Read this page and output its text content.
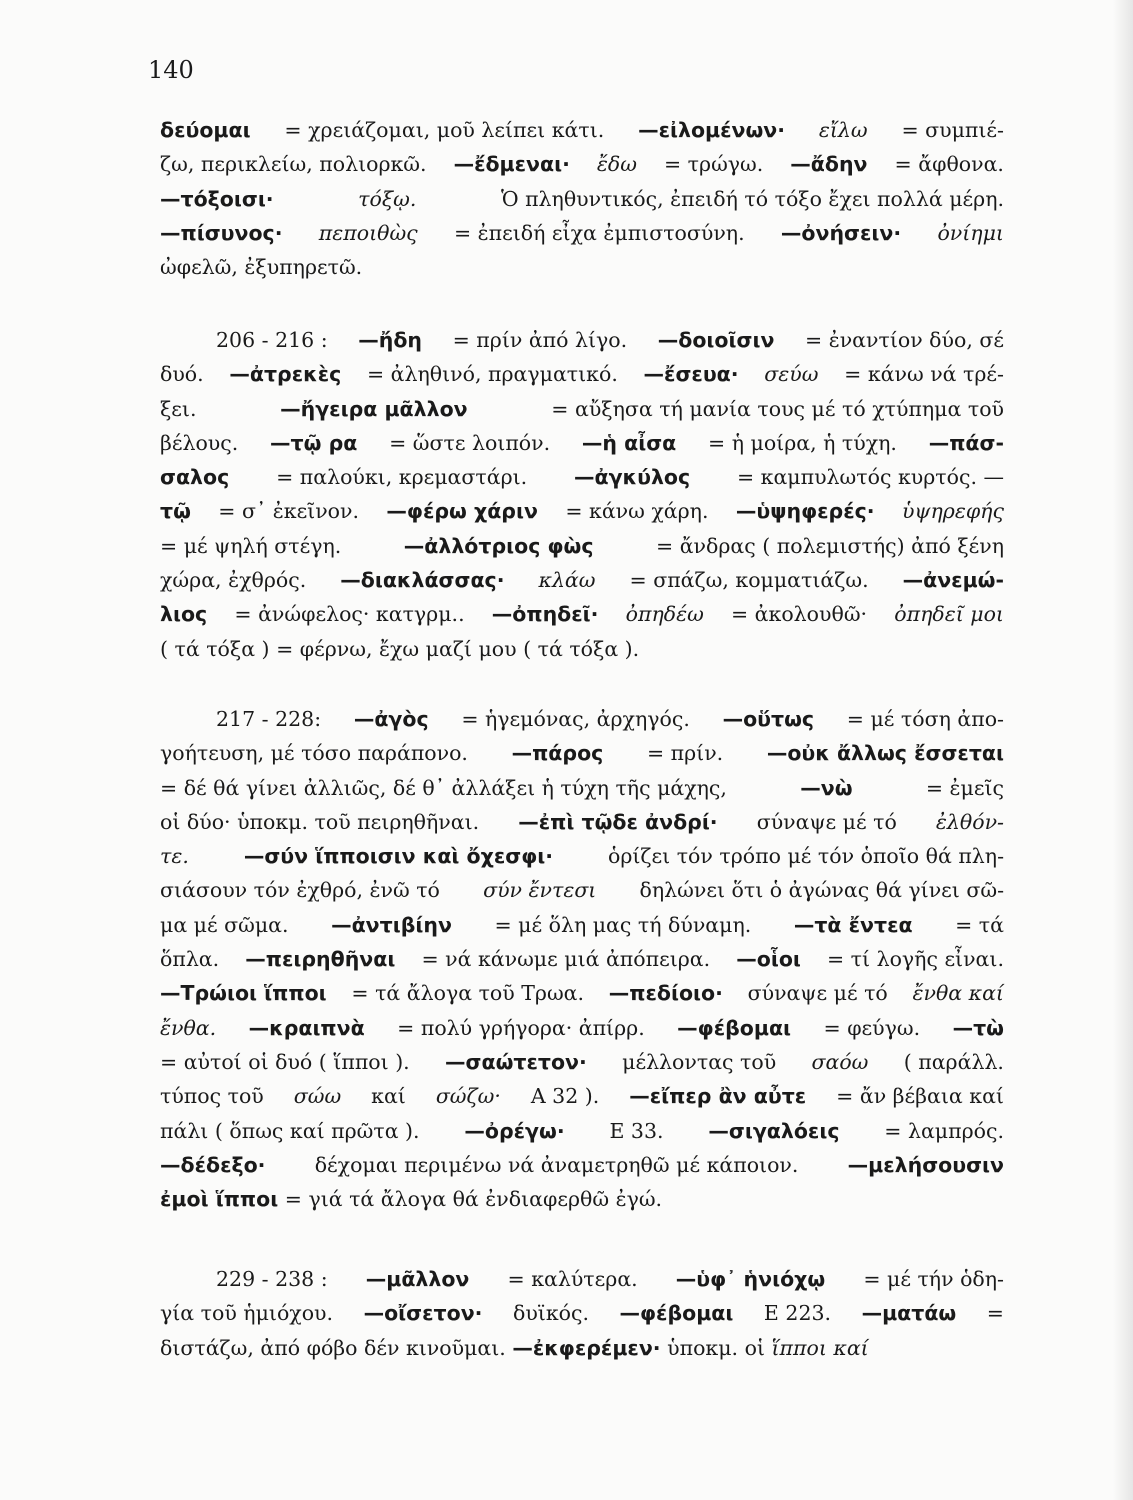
140
δεύομαι = χρειάζομαι, μοῦ λείπει κάτι. —εἰλομένων· εἴλω = συμπιέ-
ζω, περικλείω, πολιορκῶ. —ἔδμεναι· ἔδω = τρώγω. —ἄδην = ἄφθονα.
—τόξοισι·	τόξῳ.	Ὁ πληθυντικός, ἐπειδή τό τόξο ἔχει πολλά μέρη.
—πίσυνος· πεποιθὼς = ἐπειδή εἶχα ἐμπιστοσύνη. —ὀνήσειν· ὀνίημι
ὠφελῶ, ἐξυπηρετῶ.
206 - 216 : —ἤδη = πρίν ἀπό λίγο. —δοιοῖσιν = ἐναντίον δύο, σέ
δυό. —ἀτρεκὲς = ἀληθινό, πραγματικό. —ἔσευα· σεύω = κάνω νά τρέ-
ξει.	—ἤγειρα μᾶλλον	= αὔξησα τή μανία τους μέ τό χτύπημα τοῦ
βέλους. —τῷ ρα = ὥστε λοιπόν. —ἡ αἶσα = ἡ μοίρα, ἡ τύχη. —πάσ-
σαλος = παλούκι, κρεμαστάρι. —ἀγκύλος = καμπυλωτός κυρτός. —
τῷ = σ᾽ ἐκεῖνον. —φέρω χάριν = κάνω χάρη. —ὑψηφερές· ὑψηρεφής
= μέ ψηλή στέγη.	—ἀλλότριος φὼς	= ἄνδρας ( πολεμιστής) ἀπό ξένη
χώρα, ἐχθρός. —διακλάσσας· κλάω = σπάζω, κομματιάζω. —ἀνεμώ-
λιος = ἀνώφελος· κατγρμ.. —ὀπηδεῖ· ὀπηδέω = ἀκολουθῶ· ὀπηδεῖ μοι
( τά τόξα ) = φέρνω, ἔχω μαζί μου ( τά τόξα ).
217 - 228: —ἀγὸς = ἡγεμόνας, ἀρχηγός. —οὕτως = μέ τόση ἀπο-
γοήτευση, μέ τόσο παράπονο. —πάρος = πρίν. —οὐκ ἄλλως ἔσσεται
= δέ θά γίνει ἀλλιῶς, δέ θ᾽ ἀλλάξει ἡ τύχη τῆς μάχης,	—νὼ	= ἐμεῖς
οἱ δύο· ὑποκμ. τοῦ πειρηθῆναι. —ἐπὶ τῷδε ἀνδρί· σύναψε μέ τό ἐλθόν-
τε.	—σύν ἵπποισιν καὶ ὄχεσφι·	ὁρίζει τόν τρόπο μέ τόν ὁποῖο θά πλη-
σιάσουν τόν ἐχθρό, ἐνῶ τό σύν ἔντεσι δηλώνει ὅτι ὁ ἀγώνας θά γίνει σῶ-
μα μέ σῶμα. —ἀντιβίην = μέ ὅλη μας τή δύναμη. —τὰ ἔντεα = τά
ὅπλα. —πειρηθῆναι = νά κάνωμε μιά ἀπόπειρα. —οἷοι = τί λογῆς εἶναι.
—Τρώιοι ἵπποι = τά ἄλογα τοῦ Τρωα. —πεδίοιο· σύναψε μέ τό ἔνθα καί
ἔνθα. —κραιπνὰ = πολύ γρήγορα· ἀπίρρ. —φέβομαι = φεύγω. —τὼ
= αὐτοί οἱ δυό ( ἵπποι ). —σαώτετον· μέλλοντας τοῦ σαόω ( παράλλ.
τύπος τοῦ σώω καί σώζω· Α 32 ). —εἴπερ ἂν αὖτε = ἄν βέβαια καί
πάλι ( ὅπως καί πρῶτα ). —ὀρέγω· Ε 33. —σιγαλόεις = λαμπρός.
—δέδεξο· δέχομαι περιμένω νά ἀναμετρηθῶ μέ κάποιον. —μελήσουσιν
ἐμοὶ ἵπποι = γιά τά ἄλογα θά ἐνδιαφερθῶ ἐγώ.
229 - 238 : —μᾶλλον = καλύτερα. —ὑφ᾽ ἡνιόχῳ = μέ τήν ὁδη-
γία τοῦ ἡμιόχου. —οἴσετον· δυϊκός. —φέβομαι Ε 223. —ματάω =
διστάζω, ἀπό φόβο δέν κινοῦμαι. —ἐκφερέμεν· ὑποκμ. οἱ ἵπποι καί
